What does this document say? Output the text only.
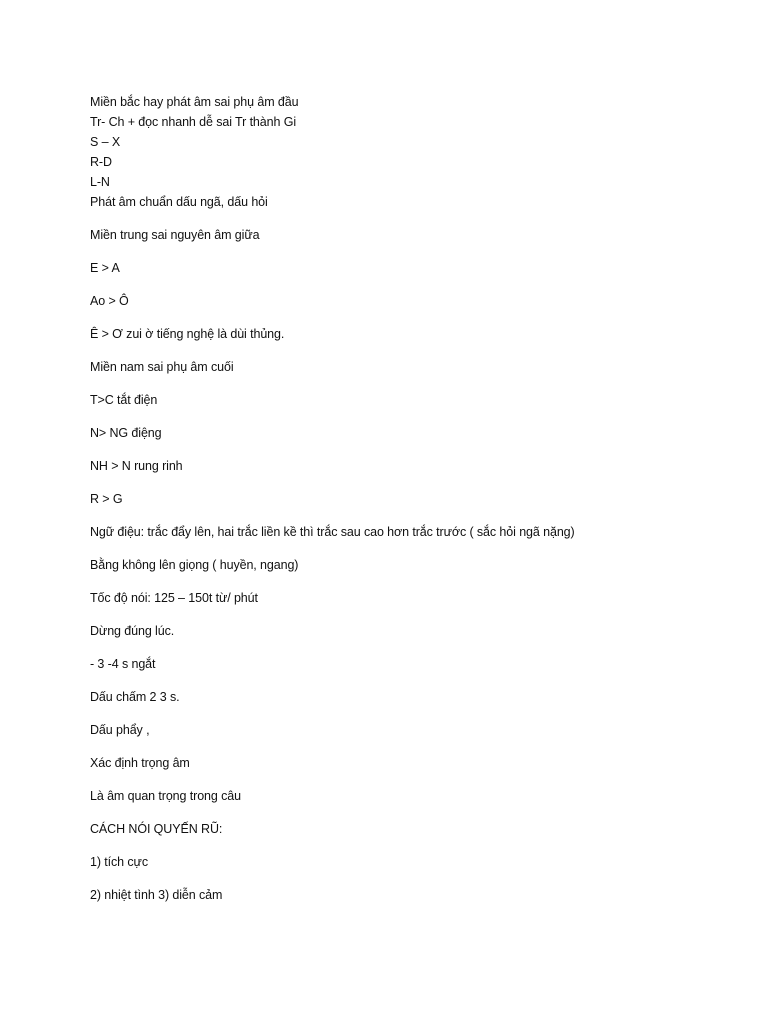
Miền bắc hay phát âm sai phụ âm đầu
Tr- Ch + đọc nhanh dễ sai Tr thành Gi
S – X
R-D
L-N
Phát âm chuẩn dấu ngã, dấu hỏi
Miền trung sai nguyên âm giữa
E > A
Ao > Ô
Ê > Ơ zui ờ tiếng nghệ là dùi thủng.
Miền nam sai phụ âm cuối
T>C tắt điện
N> NG điệng
NH > N rung rinh
R > G
Ngữ điệu: trắc đẩy lên, hai trắc liền kề thì trắc sau cao hơn trắc trước ( sắc hỏi ngã nặng)
Bằng không lên giọng ( huyền, ngang)
Tốc độ nói: 125 – 150t từ/ phút
Dừng đúng lúc.
- 3 -4 s ngắt
Dấu chấm 2 3 s.
Dấu phẩy ,
Xác định trọng âm
Là âm quan trọng trong câu
CÁCH NÓI QUYẾN RŨ:
1) tích cực
2) nhiệt tình 3) diễn cảm
